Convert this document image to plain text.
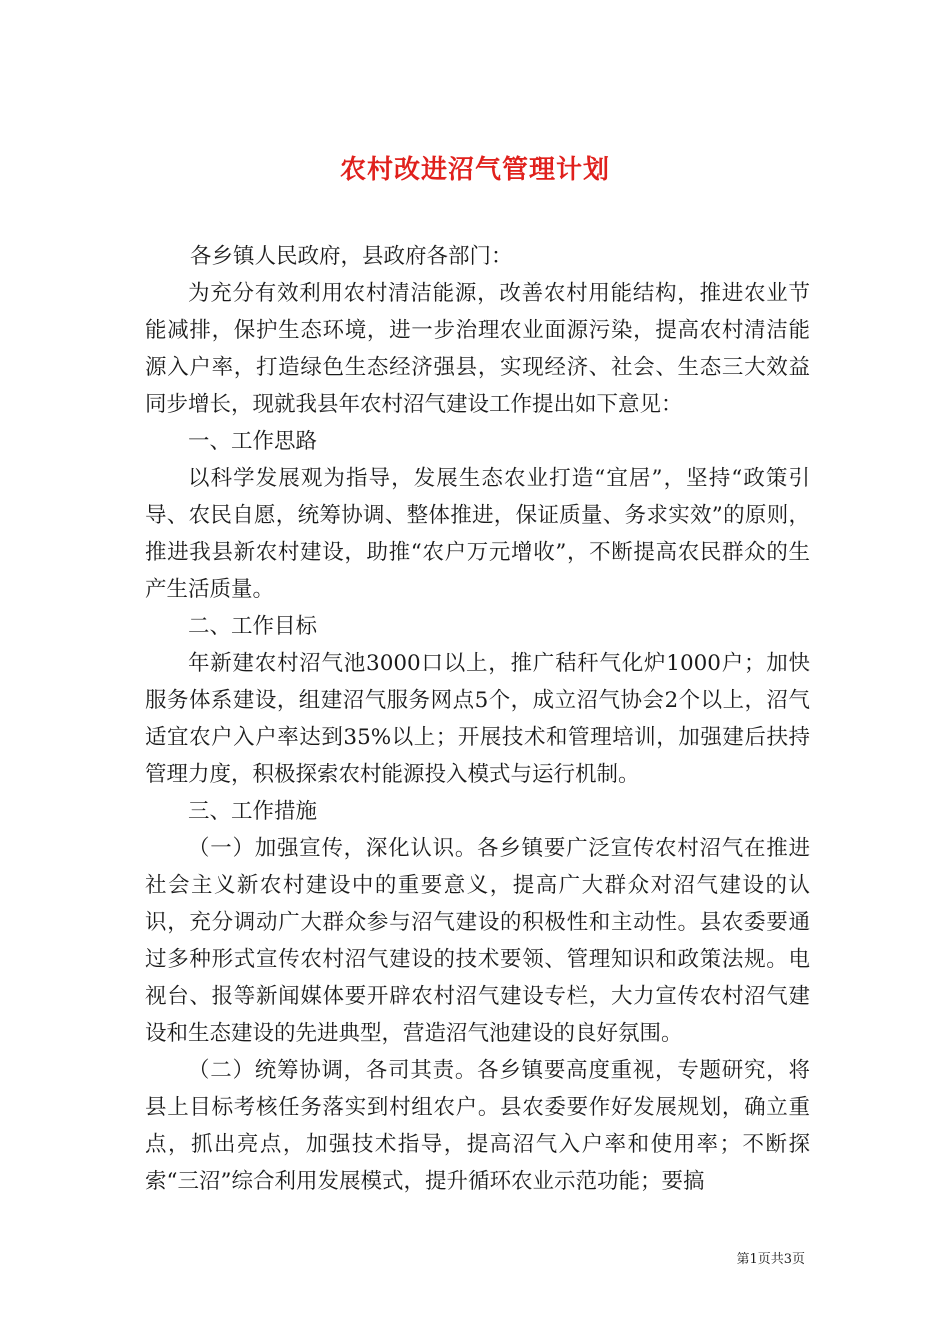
农村改进沼气管理计划

各乡镇人民政府，县政府各部门：

为充分有效利用农村清洁能源，改善农村用能结构，推进农业节能减排，保护生态环境，进一步治理农业面源污染，提高农村清洁能源入户率，打造绿色生态经济强县，实现经济、社会、生态三大效益同步增长，现就我县年农村沼气建设工作提出如下意见：

一、工作思路

以科学发展观为指导，发展生态农业打造“宜居”，坚持“政策引导、农民自愿，统筹协调、整体推进，保证质量、务求实效”的原则，推进我县新农村建设，助推“农户万元增收”，不断提高农民群众的生产生活质量。

二、工作目标

年新建农村沼气池3000口以上，推广秸秆气化炉1000户；加快服务体系建设，组建沼气服务网点5个，成立沼气协会2个以上，沼气适宜农户入户率达到35%以上；开展技术和管理培训，加强建后扶持管理力度，积极探索农村能源投入模式与运行机制。

三、工作措施

（一）加强宣传，深化认识。各乡镇要广泛宣传农村沼气在推进社会主义新农村建设中的重要意义，提高广大群众对沼气建设的认识，充分调动广大群众参与沼气建设的积极性和主动性。县农委要通过多种形式宣传农村沼气建设的技术要领、管理知识和政策法规。电视台、报等新闻媒体要开辟农村沼气建设专栏，大力宣传农村沼气建设和生态建设的先进典型，营造沼气池建设的良好氛围。

（二）统筹协调，各司其责。各乡镇要高度重视，专题研究，将县上目标考核任务落实到村组农户。县农委要作好发展规划，确立重点，抓出亮点，加强技术指导，提高沼气入户率和使用率；不断探索“三沼”综合利用发展模式，提升循环农业示范功能；要搞

第1页共3页
